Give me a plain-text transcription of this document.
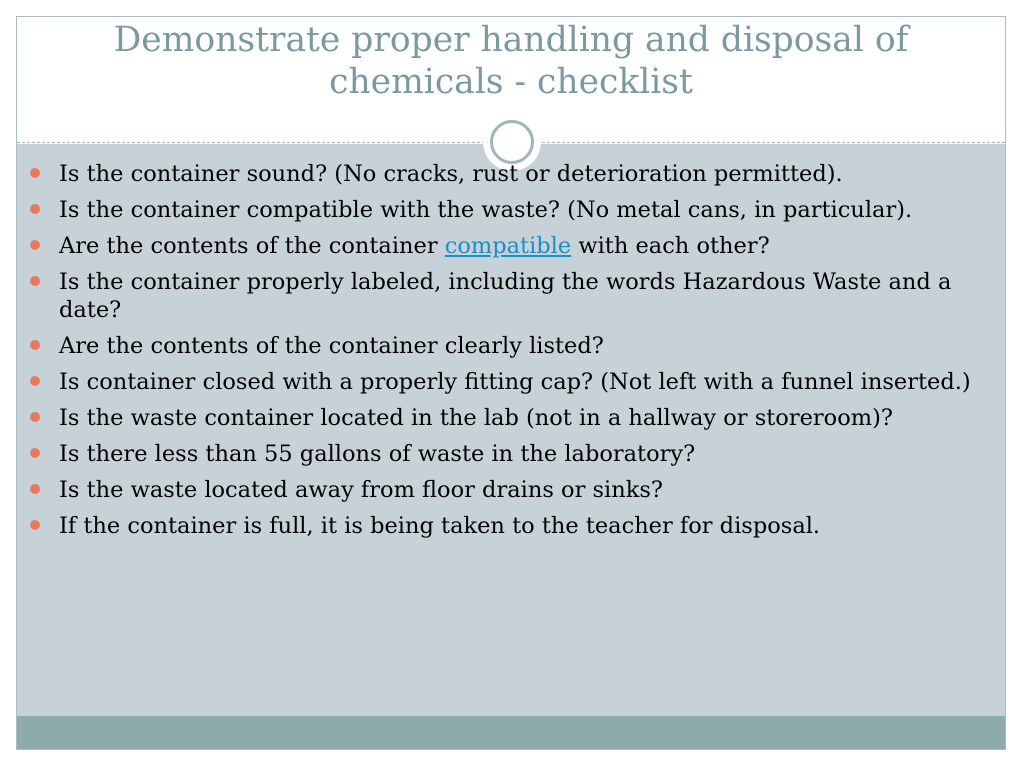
Demonstrate proper handling and disposal of chemicals - checklist
Is the container sound? (No cracks, rust or deterioration permitted).
Is the container compatible with the waste? (No metal cans, in particular).
Are the contents of the container compatible with each other?
Is the container properly labeled, including the words Hazardous Waste and a date?
Are the contents of the container clearly listed?
Is container closed with a properly fitting cap? (Not left with a funnel inserted.)
Is the waste container located in the lab (not in a hallway or storeroom)?
Is there less than 55 gallons of waste in the laboratory?
Is the waste located away from floor drains or sinks?
If the container is full, it is being taken to the teacher for disposal.
